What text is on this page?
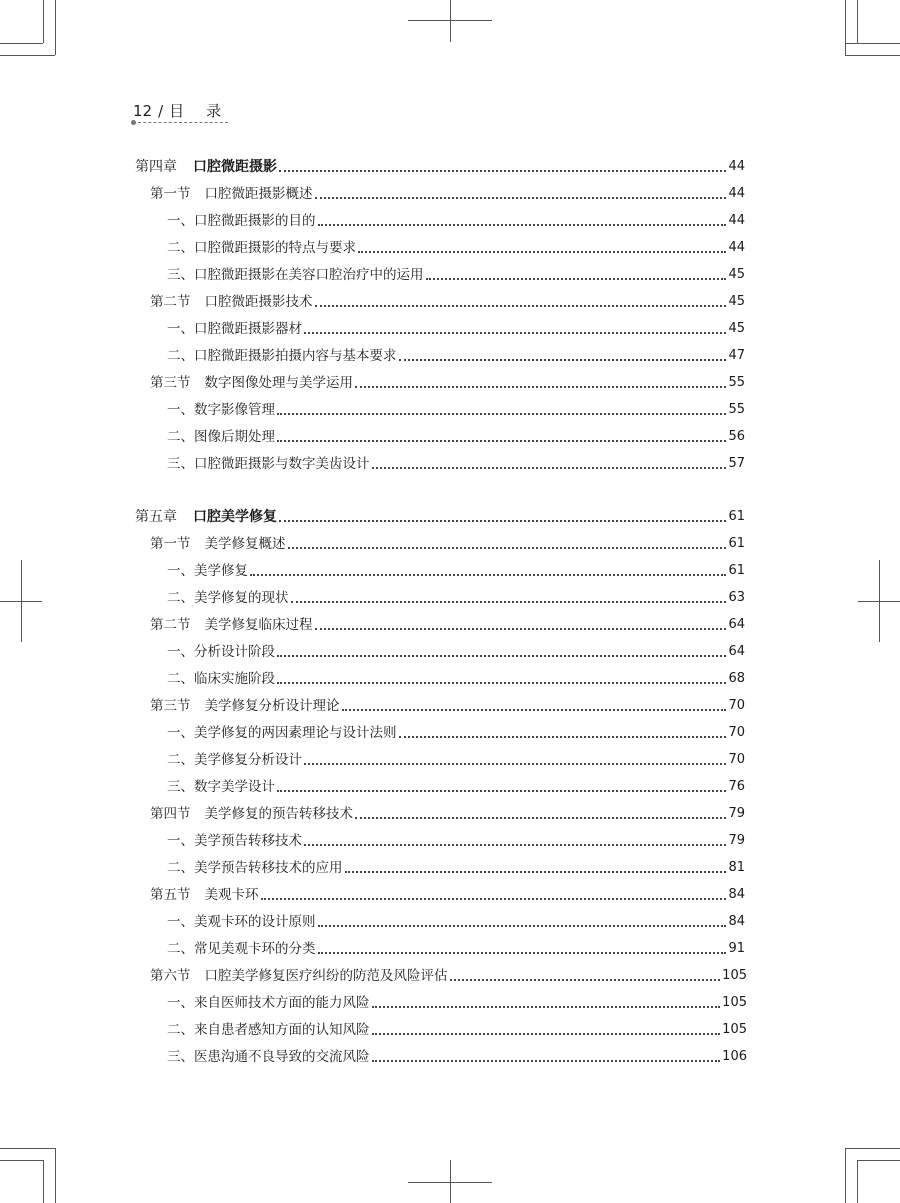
12 / 目 录
第四章 口腔微距摄影	44
第一节 口腔微距摄影概述	44
一、口腔微距摄影的目的	44
二、口腔微距摄影的特点与要求	44
三、口腔微距摄影在美容口腔治疗中的运用	45
第二节 口腔微距摄影技术	45
一、口腔微距摄影器材	45
二、口腔微距摄影拍摄内容与基本要求	47
第三节 数字图像处理与美学运用	55
一、数字影像管理	55
二、图像后期处理	56
三、口腔微距摄影与数字美齿设计	57
第五章 口腔美学修复	61
第一节 美学修复概述	61
一、美学修复	61
二、美学修复的现状	63
第二节 美学修复临床过程	64
一、分析设计阶段	64
二、临床实施阶段	68
第三节 美学修复分析设计理论	70
一、美学修复的两因素理论与设计法则	70
二、美学修复分析设计	70
三、数字美学设计	76
第四节 美学修复的预告转移技术	79
一、美学预告转移技术	79
二、美学预告转移技术的应用	81
第五节 美观卡环	84
一、美观卡环的设计原则	84
二、常见美观卡环的分类	91
第六节 口腔美学修复医疗纠纷的防范及风险评估	105
一、来自医师技术方面的能力风险	105
二、来自患者感知方面的认知风险	105
三、医患沟通不良导致的交流风险	106
